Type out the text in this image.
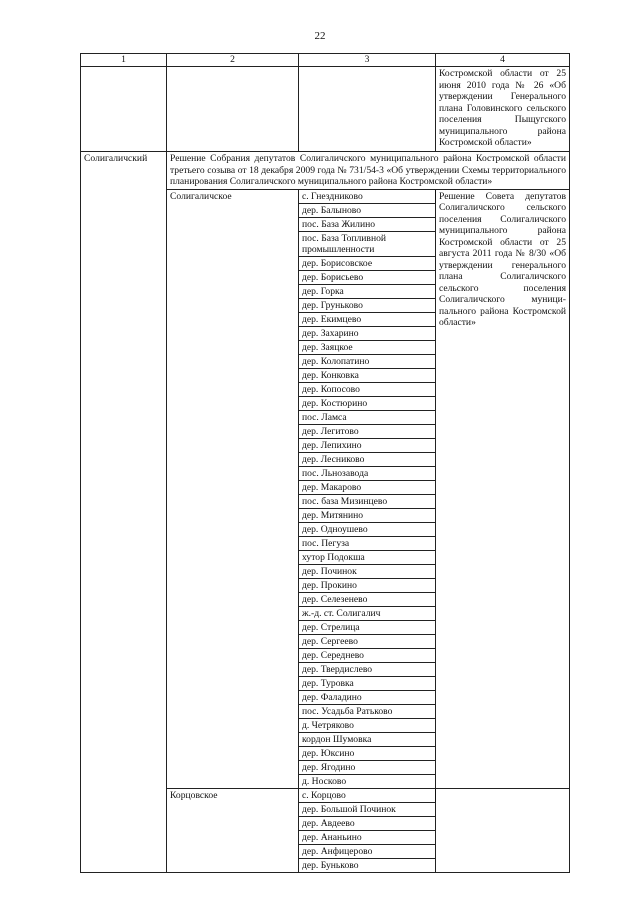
22
1	2	3	4
			Костромской области от 25 июня 2010 года № 26 «Об утверждении Генерального плана Головинского сельского поселения Пыщугского муниципального района Костромской области»
Солигаличский	Решение Собрания депутатов Солигаличского муниципального района Костромской области третьего созыва от 18 декабря 2009 года № 731/54-3 «Об утверждении Схемы территориального планирования Солигаличского муниципального района Костромской области»		
	Солигаличское	с. Гнездниково	Решение Совета депутатов Солигаличского сельского поселения Солигаличского муниципального района Костромской области от 25 августа 2011 года № 8/30 «Об утверждении генерального плана Солигаличского сельского поселения Солигаличского муници-пального района Костромской области»
		дер. Балыново	
		пос. База Жилино	
		пос. База Топливной промышленности	
		дер. Борисовское	
		дер. Борисьево	
		дер. Горка	
		дер. Груньково	
		дер. Екимцево	
		дер. Захарино	
		дер. Заяцкое	
		дер. Колопатино	
		дер. Конковка	
		дер. Копосово	
		дер. Костюрино	
		пос. Ламса	
		дер. Легитово	
		дер. Лепихино	
		дер. Лесниково	
		пос. Льнозавода	
		дер. Макарово	
		пос. база Мизинцево	
		дер. Митянино	
		дер. Одноушево	
		пос. Пегуза	
		хутор Подокша	
		дер. Починок	
		дер. Прокино	
		дер. Селезенево	
		ж.-д. ст. Солигалич	
		дер. Стрелица	
		дер. Сергеево	
		дер. Середнево	
		дер. Твердислево	
		дер. Туровка	
		дер. Фаладино	
		пос. Усадьба Ратьково	
		д. Четряково	
		кордон Шумовка	
		дер. Юксино	
		дер. Ягодино	
		д. Носково	
	Корцовское	с. Корцово	
		дер. Большой Починок	
		дер. Авдеево	
		дер. Ананьино	
		дер. Анфицерово	
		дер. Буньково	
